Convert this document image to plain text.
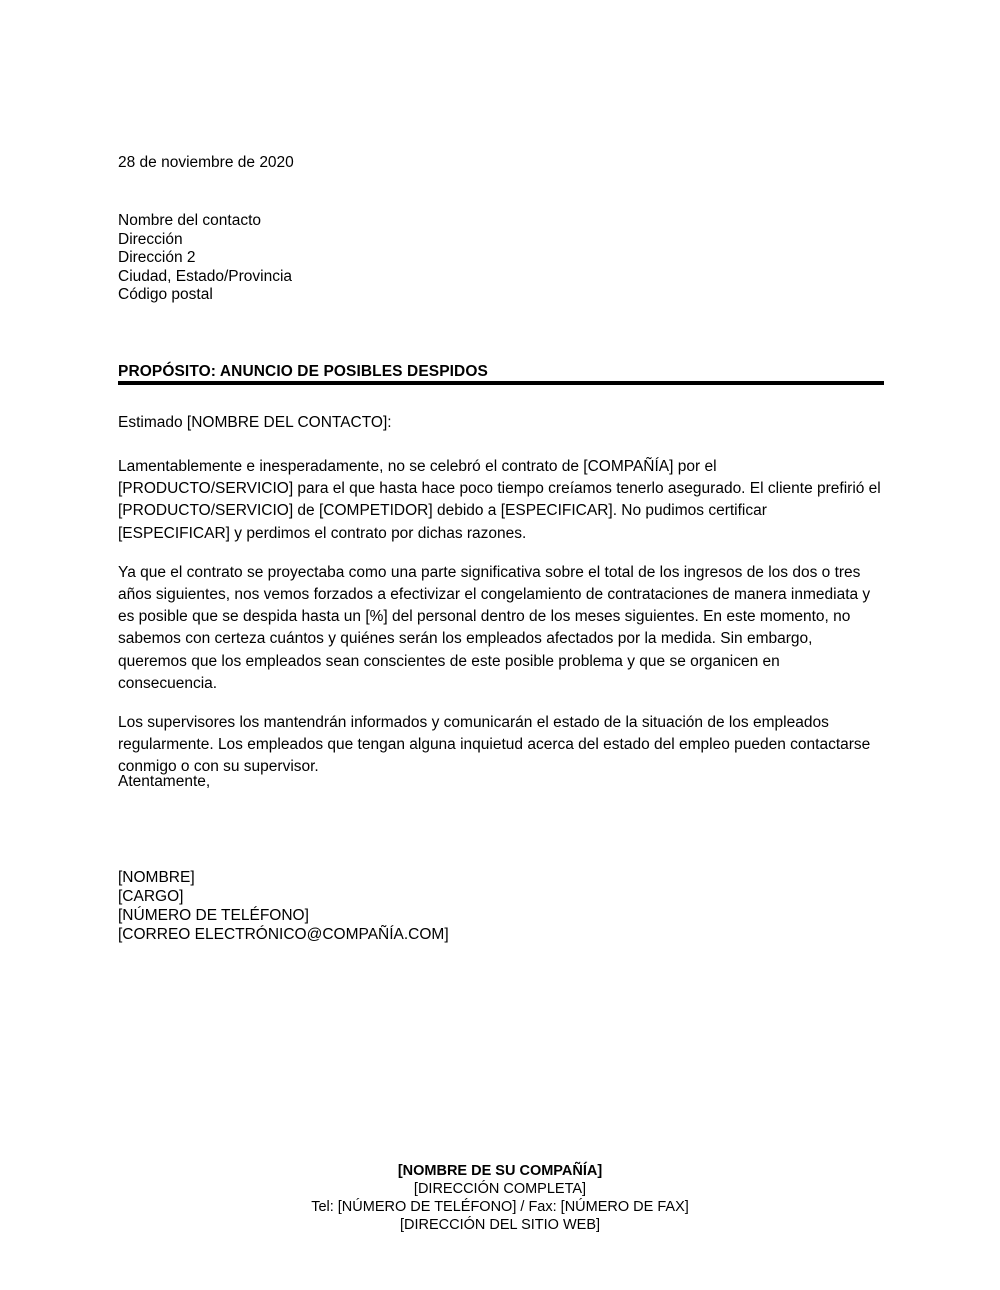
28 de noviembre de 2020
Nombre del contacto
Dirección
Dirección 2
Ciudad, Estado/Provincia
Código postal
PROPÓSITO: ANUNCIO DE POSIBLES DESPIDOS
Estimado [NOMBRE DEL CONTACTO]:

Lamentablemente e inesperadamente, no se celebró el contrato de [COMPAÑÍA] por el [PRODUCTO/SERVICIO] para el que hasta hace poco tiempo creíamos tenerlo asegurado. El cliente prefirió el [PRODUCTO/SERVICIO] de [COMPETIDOR] debido a [ESPECIFICAR]. No pudimos certificar [ESPECIFICAR] y perdimos el contrato por dichas razones.

Ya que el contrato se proyectaba como una parte significativa sobre el total de los ingresos de los dos o tres años siguientes, nos vemos forzados a efectivizar el congelamiento de contrataciones de manera inmediata y es posible que se despida hasta un [%] del personal dentro de los meses siguientes. En este momento, no sabemos con certeza cuántos y quiénes serán los empleados afectados por la medida. Sin embargo, queremos que los empleados sean conscientes de este posible problema y que se organicen en consecuencia.

Los supervisores los mantendrán informados y comunicarán el estado de la situación de los empleados regularmente. Los empleados que tengan alguna inquietud acerca del estado del empleo pueden contactarse conmigo o con su supervisor.

Atentamente,
[NOMBRE]
[CARGO]
[NÚMERO DE TELÉFONO]
[CORREO ELECTRÓNICO@COMPAÑÍA.COM]
[NOMBRE DE SU COMPAÑÍA]
[DIRECCIÓN COMPLETA]
Tel: [NÚMERO DE TELÉFONO] / Fax: [NÚMERO DE FAX]
[DIRECCIÓN DEL SITIO WEB]
